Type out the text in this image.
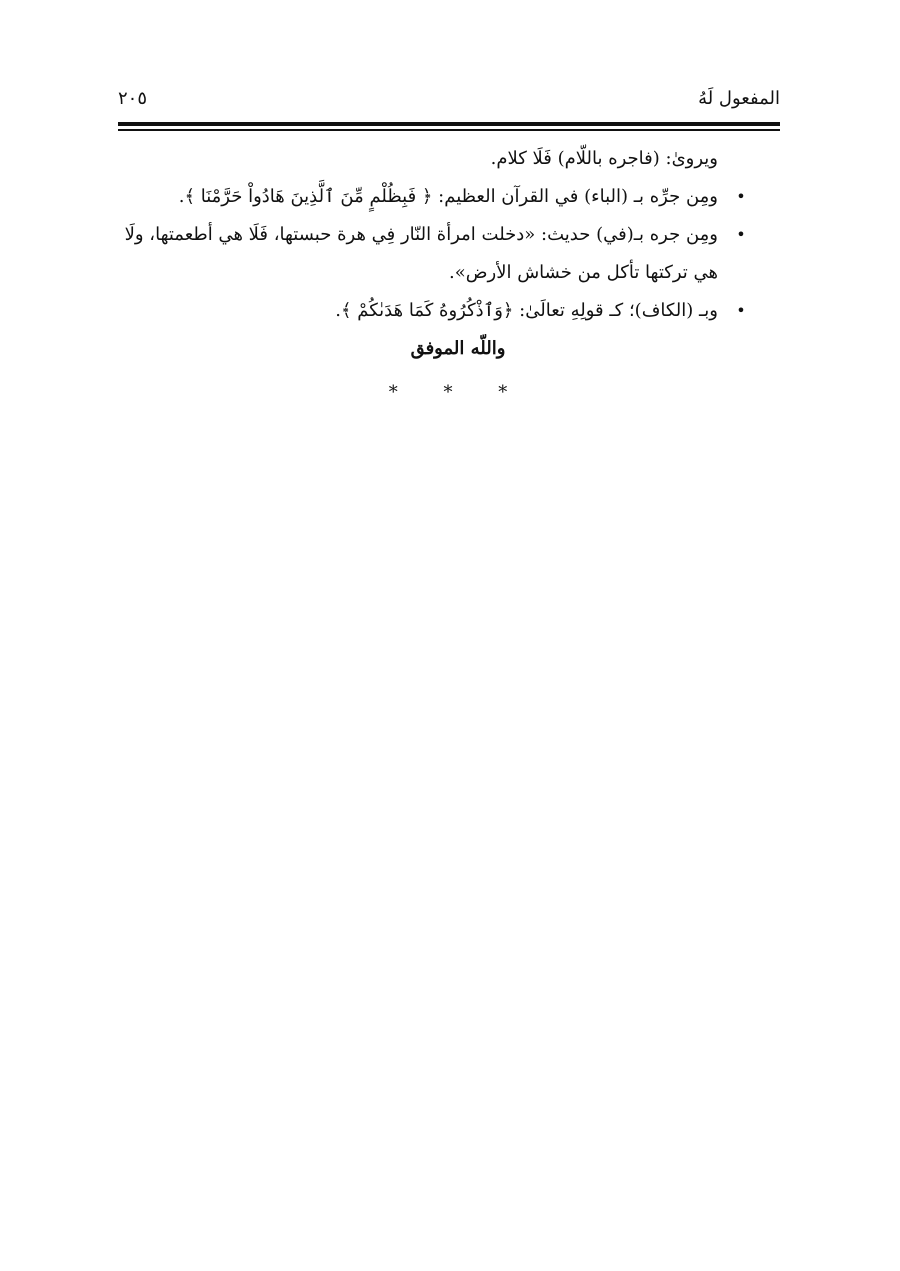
المفعول لَهُ
٢٠٥

ويروىٰ: (فاجره باللّام) فَلَا كلام.

•
ومِن جرِّه بـ (الباء) في القرآن العظيم: ﴿ فَبِظُلْمٍ مِّنَ ٱلَّذِينَ هَادُواْ حَرَّمْنَا ﴾.
•
ومِن جره بـ(في) حديث: «دخلت امرأة النّار فِي هرة حبستها، فَلَا هي أطعمتها، ولَا هي تركتها تأكل من خشاش الأرض».
•
وبـ (الكاف)؛ كـ قولِهِ تعالَىٰ: ﴿وَٱذْكُرُوهُ كَمَا هَدَىٰكُمْ ﴾.

واللّه الموفق

* * *
